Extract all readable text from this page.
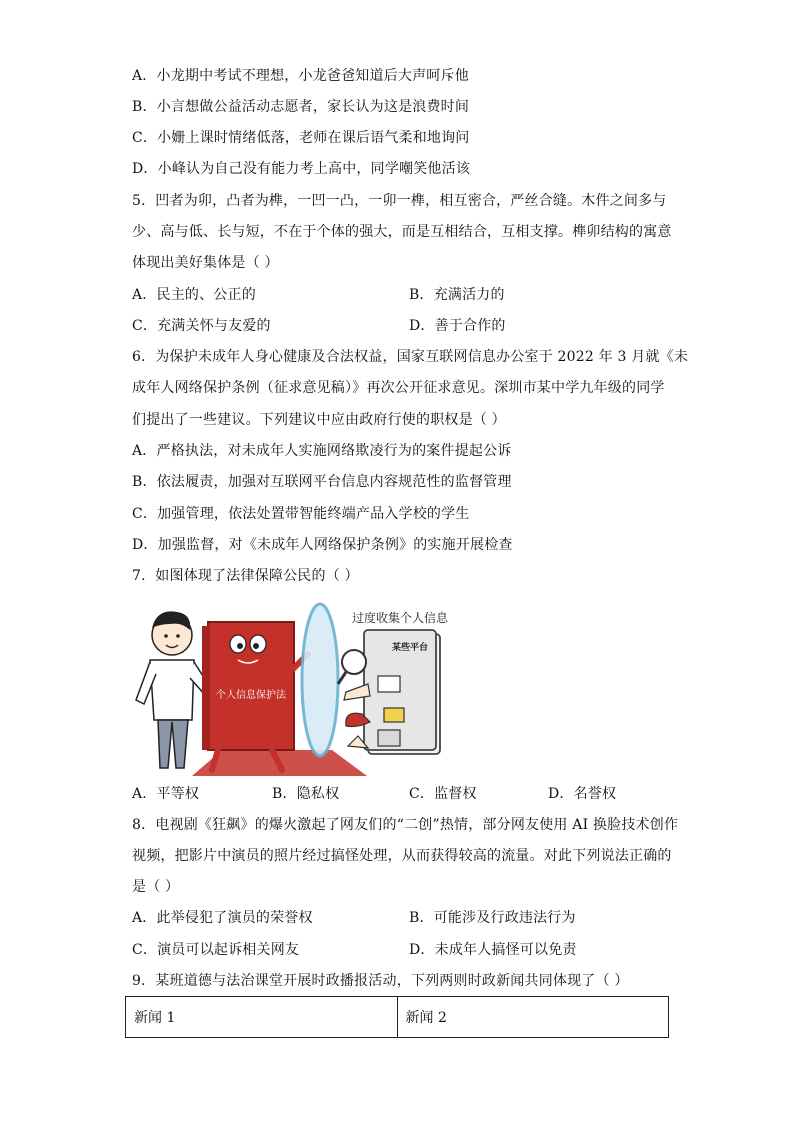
A．小龙期中考试不理想，小龙爸爸知道后大声呵斥他
B．小言想做公益活动志愿者，家长认为这是浪费时间
C．小姗上课时情绪低落，老师在课后语气柔和地询问
D．小峰认为自己没有能力考上高中，同学嘲笑他活该
5．凹者为卯，凸者为榫，一凹一凸，一卯一榫，相互密合，严丝合缝。木件之间多与
少、高与低、长与短，不在于个体的强大，而是互相结合，互相支撑。榫卯结构的寓意
体现出美好集体是（ ）
A．民主的、公正的	B．充满活力的
C．充满关怀与友爱的	D．善于合作的
6．为保护未成年人身心健康及合法权益，国家互联网信息办公室于 2022 年 3 月就《未
成年人网络保护条例（征求意见稿）》再次公开征求意见。深圳市某中学九年级的同学
们提出了一些建议。下列建议中应由政府行使的职权是（ ）
A．严格执法，对未成年人实施网络欺凌行为的案件提起公诉
B．依法履责，加强对互联网平台信息内容规范性的监督管理
C．加强管理，依法处置带智能终端产品入学校的学生
D．加强监督，对《未成年人网络保护条例》的实施开展检查
7．如图体现了法律保障公民的（ ）
个人信息保护法
过度收集个人信息
某些平台
A．平等权	B．隐私权	C．监督权	D．名誉权
8．电视剧《狂飙》的爆火激起了网友们的“二创”热情，部分网友使用 AI 换脸技术创作
视频，把影片中演员的照片经过搞怪处理，从而获得较高的流量。对此下列说法正确的
是（ ）
A．此举侵犯了演员的荣誉权	B．可能涉及行政违法行为
C．演员可以起诉相关网友	D．未成年人搞怪可以免责
9．某班道德与法治课堂开展时政播报活动，下列两则时政新闻共同体现了（ ）
新闻 1	新闻 2
